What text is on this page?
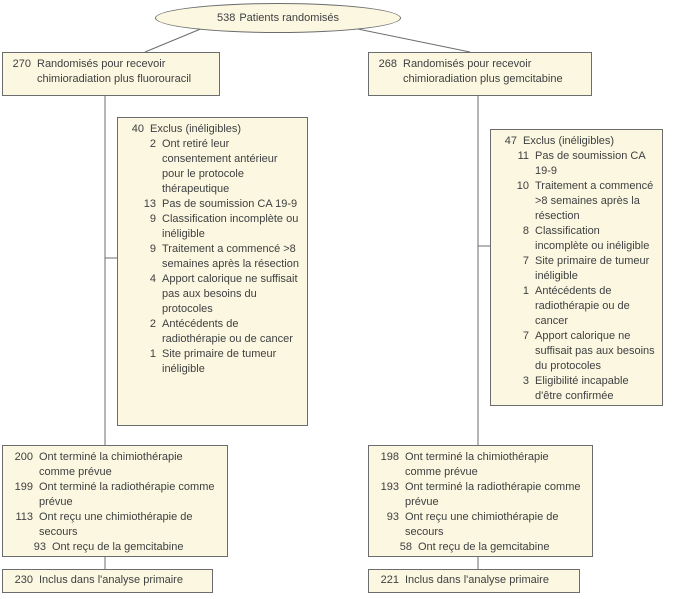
538 Patients randomisés
270 Randomisés pour recevoir chimioradiation plus fluorouracil
268 Randomisés pour recevoir chimioradiation plus gemcitabine
40 Exclus (inéligibles)
2 Ont retiré leur consentement antérieur pour le protocole thérapeutique
13 Pas de soumission CA 19-9
9 Classification incomplète ou inéligible
9 Traitement a commencé >8 semaines après la résection
4 Apport calorique ne suffisait pas aux besoins du protocoles
2 Antécédents de radiothérapie ou de cancer
1 Site primaire de tumeur inéligible
47 Exclus (inéligibles)
11 Pas de soumission CA 19-9
10 Traitement a commencé >8 semaines après la résection
8 Classification incomplète ou inéligible
7 Site primaire de tumeur inéligible
1 Antécédents de radiothérapie ou de cancer
7 Apport calorique ne suffisait pas aux besoins du protocoles
3 Eligibilité incapable d'être confirmée
200 Ont terminé la chimiothérapie comme prévue
199 Ont terminé la radiothérapie comme prévue
113 Ont reçu une chimiothérapie de secours
93 Ont reçu de la gemcitabine
198 Ont terminé la chimiothérapie comme prévue
193 Ont terminé la radiothérapie comme prévue
93 Ont reçu une chimiothérapie de secours
58 Ont reçu de la gemcitabine
230 Inclus dans l'analyse primaire	221 Inclus dans l'analyse primaire
